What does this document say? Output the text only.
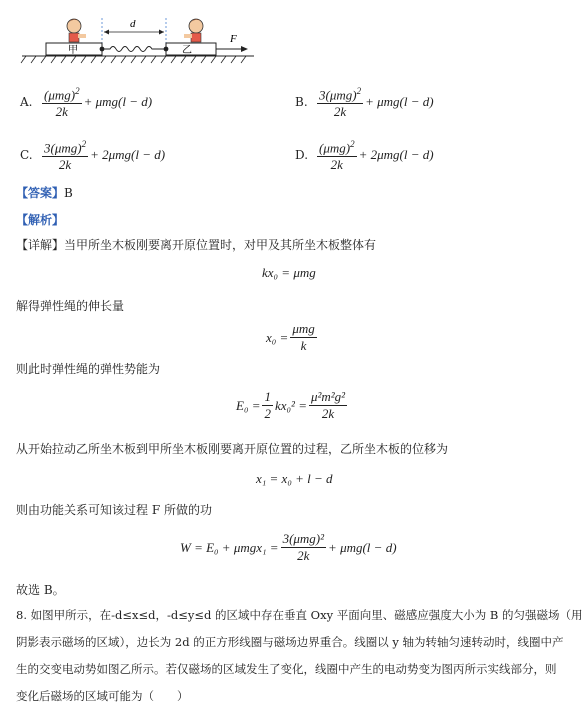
甲	乙
d
F
A. $\frac{(\mu mg)^2}{2k} + \mu mg(l - d)$	B. $\frac{3(\mu mg)^2}{2k} + \mu mg(l - d)$
C. $\frac{3(\mu mg)^2}{2k} + 2\mu mg(l - d)$	D. $\frac{(\mu mg)^2}{2k} + 2\mu mg(l - d)$
【答案】 B
【解析】
【详解】 当甲所坐木板刚要离开原位置时，对甲及其所坐木板整体有
kx₀ = μmg
解得弹性绳的伸长量
$x_0 = \frac{\text{μmg}}{k}$
则此时弹性绳的弹性势能为
$E_0 = \frac{1}{2} kx_0^2 = \frac{\text{μ²m²g²}}{2k}$
从开始拉动乙所坐木板到甲所坐木板刚要离开原位置的过程，乙所坐木板的位移为
x₁ = x₀ + l − d
则由功能关系可知该过程 F 所做的功
$W = E_0 + \mu mgx_1 = \frac{\text{3(μmg)²}}{2k} + \mu mg(l - d)$
故选 B。
8. 如图甲所示，在-d≤x≤d，-d≤y≤d 的区域中存在垂直 Oxy 平面向里、磁感应强度大小为 B 的匀强磁场（用
阴影表示磁场的区域），边长为 2d 的正方形线圈与磁场边界重合。线圈以 y 轴为转轴匀速转动时，线圈中产
生的交变电动势如图乙所示。若仅磁场的区域发生了变化，线圈中产生的电动势变为图丙所示实线部分，则
变化后磁场的区域可能为（　　）
